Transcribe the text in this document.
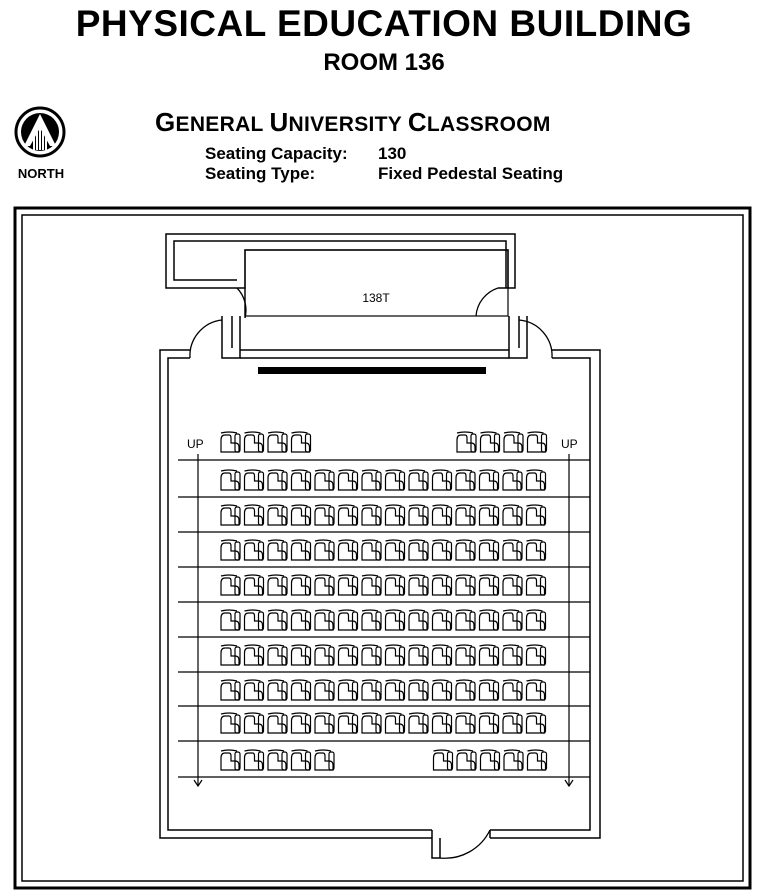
PHYSICAL EDUCATION BUILDING
ROOM 136
NORTH
GENERAL UNIVERSITY CLASSROOM
Seating Capacity: 130
Seating Type:	Fixed Pedestal Seating
138T
UP	UP
